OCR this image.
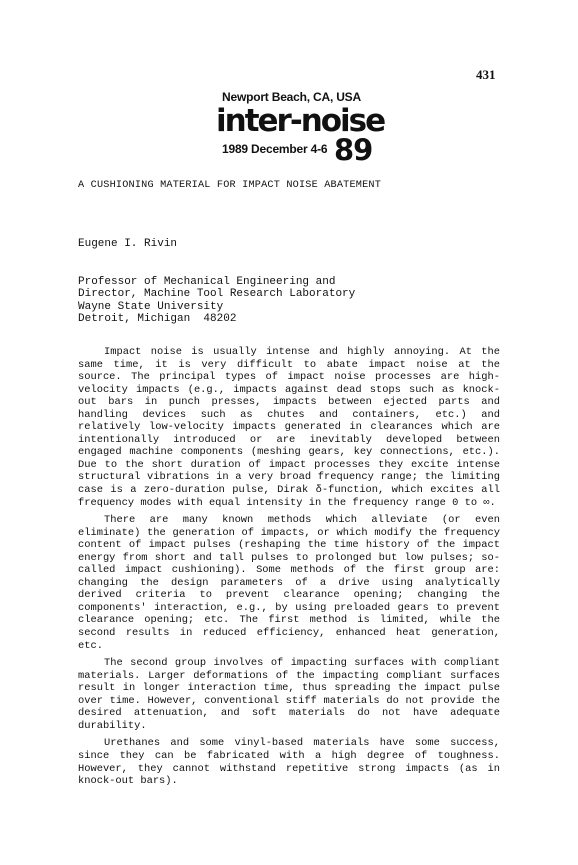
431
Newport Beach, CA, USA
inter-noise
1989 December 4-6 89
A CUSHIONING MATERIAL FOR IMPACT NOISE ABATEMENT
Eugene I. Rivin
Professor of Mechanical Engineering and
Director, Machine Tool Research Laboratory
Wayne State University
Detroit, Michigan  48202

Impact noise is usually intense and highly annoying. At the same time, it is very difficult to abate impact noise at the source. The principal types of impact noise processes are high-velocity impacts (e.g., impacts against dead stops such as knock-out bars in punch presses, impacts between ejected parts and handling devices such as chutes and containers, etc.) and relatively low-velocity impacts generated in clearances which are intentionally introduced or are inevitably developed between engaged machine components (meshing gears, key connections, etc.). Due to the short duration of impact processes they excite intense structural vibrations in a very broad frequency range; the limiting case is a zero-duration pulse, Dirak δ-function, which excites all frequency modes with equal intensity in the frequency range 0 to ∞.

There are many known methods which alleviate (or even eliminate) the generation of impacts, or which modify the frequency content of impact pulses (reshaping the time history of the impact energy from short and tall pulses to prolonged but low pulses; so-called impact cushioning). Some methods of the first group are: changing the design parameters of a drive using analytically derived criteria to prevent clearance opening; changing the components' interaction, e.g., by using preloaded gears to prevent clearance opening; etc. The first method is limited, while the second results in reduced efficiency, enhanced heat generation, etc.

The second group involves of impacting surfaces with compliant materials. Larger deformations of the impacting compliant surfaces result in longer interaction time, thus spreading the impact pulse over time. However, conventional stiff materials do not provide the desired attenuation, and soft materials do not have adequate durability.

Urethanes and some vinyl-based materials have some success, since they can be fabricated with a high degree of toughness. However, they cannot withstand repetitive strong impacts (as in knock-out bars).
